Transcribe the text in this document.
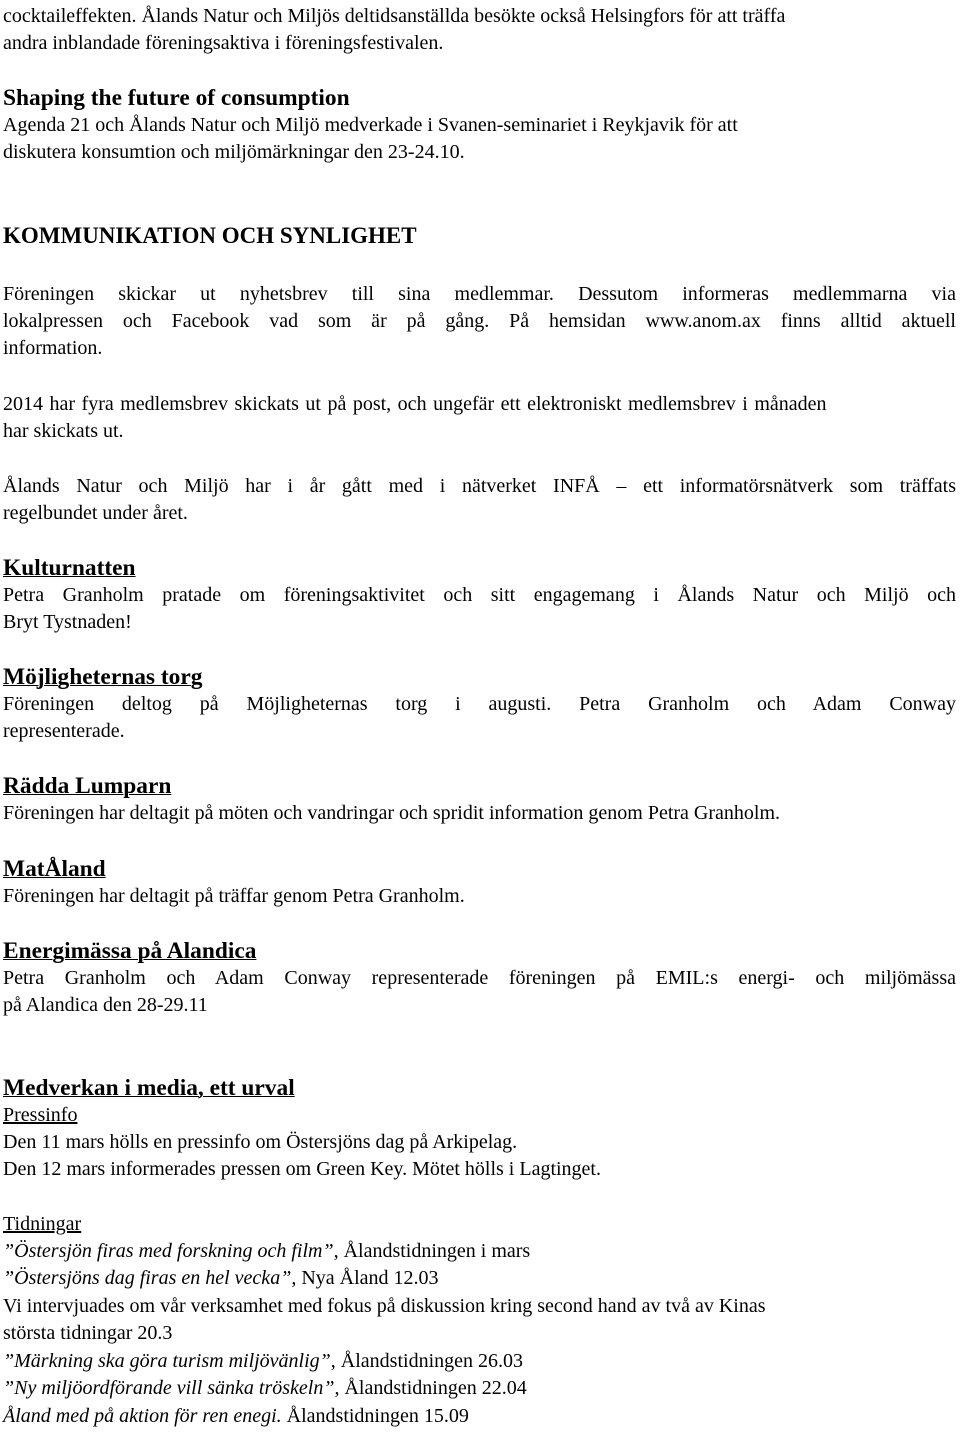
cocktaileffekten. Ålands Natur och Miljös deltidsanställda besökte också Helsingfors för att träffa

andra inblandade föreningsaktiva i föreningsfestivalen.

Shaping the future of consumption

Agenda 21 och Ålands Natur och Miljö medverkade i Svanen-seminariet i Reykjavik för att

diskutera konsumtion och miljömärkningar den 23-24.10.

KOMMUNIKATION OCH SYNLIGHET

Föreningen skickar ut nyhetsbrev till sina medlemmar. Dessutom informeras medlemmarna via

lokalpressen och Facebook vad som är på gång. På hemsidan www.anom.ax finns alltid aktuell

information.

2014 har fyra medlemsbrev skickats ut på post, och ungefär ett elektroniskt medlemsbrev i månaden

har skickats ut.

Ålands Natur och Miljö har i år gått med i nätverket INFÅ – ett informatörsnätverk som träffats

regelbundet under året.

Kulturnatten

Petra Granholm pratade om föreningsaktivitet och sitt engagemang i Ålands Natur och Miljö och

Bryt Tystnaden!

Möjligheternas torg

Föreningen deltog på Möjligheternas torg i augusti. Petra Granholm och Adam Conway

representerade.

Rädda Lumparn

Föreningen har deltagit på möten och vandringar och spridit information genom Petra Granholm.

MatÅland

Föreningen har deltagit på träffar genom Petra Granholm.

Energimässa på Alandica

Petra Granholm och Adam Conway representerade föreningen på EMIL:s energi- och miljömässa

på Alandica den 28-29.11

Medverkan i media, ett urval

Pressinfo

Den 11 mars hölls en pressinfo om Östersjöns dag på Arkipelag.

Den 12 mars informerades pressen om Green Key. Mötet hölls i Lagtinget.

Tidningar

”Östersjön firas med forskning och film”, Ålandstidningen i mars

”Östersjöns dag firas en hel vecka”, Nya Åland 12.03

Vi intervjuades om vår verksamhet med fokus på diskussion kring second hand av två av Kinas

största tidningar 20.3

”Märkning ska göra turism miljövänlig”, Ålandstidningen 26.03

”Ny miljöordförande vill sänka tröskeln”, Ålandstidningen 22.04

Åland med på aktion för ren enegi. Ålandstidningen 15.09
